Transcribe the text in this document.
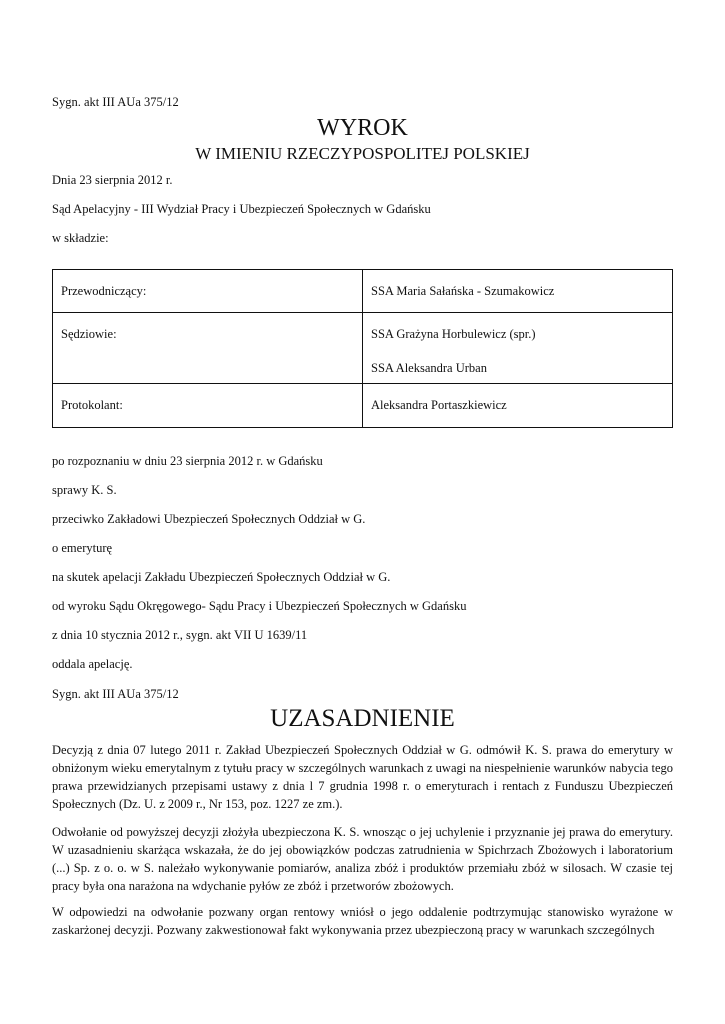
Sygn. akt III AUa 375/12
WYROK
W IMIENIU RZECZYPOSPOLITEJ POLSKIEJ
Dnia 23 sierpnia 2012 r.
Sąd Apelacyjny - III Wydział Pracy i Ubezpieczeń Społecznych w Gdańsku
w składzie:
Przewodniczący:	SSA Maria Sałańska - Szumakowicz
Sędziowie:	SSA Grażyna Horbulewicz (spr.)
SSA Aleksandra Urban

Protokolant:	Aleksandra Portaszkiewicz
po rozpoznaniu w dniu 23 sierpnia 2012 r. w Gdańsku
sprawy K. S.
przeciwko Zakładowi Ubezpieczeń Społecznych Oddział w G.
o emeryturę
na skutek apelacji Zakładu Ubezpieczeń Społecznych Oddział w G.
od wyroku Sądu Okręgowego- Sądu Pracy i Ubezpieczeń Społecznych w Gdańsku
z dnia 10 stycznia 2012 r., sygn. akt VII U 1639/11
oddala apelację.
Sygn. akt III AUa 375/12
UZASADNIENIE
Decyzją z dnia 07 lutego 2011 r. Zakład Ubezpieczeń Społecznych Oddział w G. odmówił K. S. prawa do emerytury w obniżonym wieku emerytalnym z tytułu pracy w szczególnych warunkach z uwagi na niespełnienie warunków nabycia tego prawa przewidzianych przepisami ustawy z dnia l 7 grudnia 1998 r. o emeryturach i rentach z Funduszu Ubezpieczeń Społecznych (Dz. U. z 2009 r., Nr 153, poz. 1227 ze zm.).
Odwołanie od powyższej decyzji złożyła ubezpieczona K. S. wnosząc o jej uchylenie i przyznanie jej prawa do emerytury. W uzasadnieniu skarżąca wskazała, że do jej obowiązków podczas zatrudnienia w Spichrzach Zbożowych i laboratorium (...) Sp. z o. o. w S. należało wykonywanie pomiarów, analiza zbóż i produktów przemiału zbóż w silosach. W czasie tej pracy była ona narażona na wdychanie pyłów ze zbóż i przetworów zbożowych.
W odpowiedzi na odwołanie pozwany organ rentowy wniósł o jego oddalenie podtrzymując stanowisko wyrażone w zaskarżonej decyzji. Pozwany zakwestionował fakt wykonywania przez ubezpieczoną pracy w warunkach szczególnych
